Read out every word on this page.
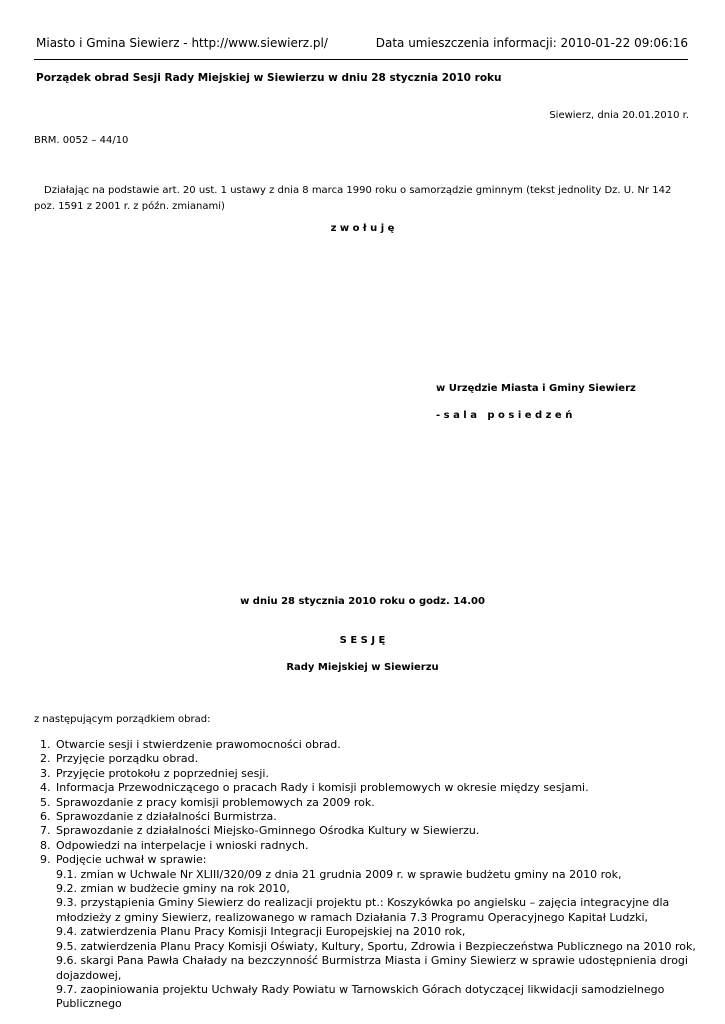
Miasto i Gmina Siewierz - http://www.siewierz.pl/	Data umieszczenia informacji: 2010-01-22 09:06:16
Porządek obrad Sesji Rady Miejskiej w Siewierzu w dniu 28 stycznia 2010 roku
Siewierz, dnia 20.01.2010 r.
BRM. 0052 – 44/10
Działając na podstawie art. 20 ust. 1 ustawy z dnia 8 marca 1990 roku o samorządzie gminnym (tekst jednolity Dz. U. Nr 142 poz. 1591 z 2001 r. z późn. zmianami)
z w o ł u j ę
w Urzędzie Miasta i Gminy Siewierz
- s a l a   p o s i e d z e ń
w dniu 28 stycznia 2010 roku o godz. 14.00
S E S J Ę
Rady Miejskiej w Siewierzu
z następującym porządkiem obrad:
1. Otwarcie sesji i stwierdzenie prawomocności obrad.
2. Przyjęcie porządku obrad.
3. Przyjęcie protokołu z poprzedniej sesji.
4. Informacja Przewodniczącego o pracach Rady i komisji problemowych w okresie między sesjami.
5. Sprawozdanie z pracy komisji problemowych za 2009 rok.
6. Sprawozdanie z działalności Burmistrza.
7. Sprawozdanie z działalności Miejsko-Gminnego Ośrodka Kultury w Siewierzu.
8. Odpowiedzi na interpelacje i wnioski radnych.
9. Podjęcie uchwał w sprawie:
9.1. zmian w Uchwale Nr XLIII/320/09 z dnia 21 grudnia 2009 r. w sprawie budżetu gminy na 2010 rok,
9.2. zmian w budżecie gminy na rok 2010,
9.3. przystąpienia Gminy Siewierz do realizacji projektu pt.: Koszykówka po angielsku – zajęcia integracyjne dla młodzieży z gminy Siewierz, realizowanego w ramach Działania 7.3 Programu Operacyjnego Kapitał Ludzki,
9.4. zatwierdzenia Planu Pracy Komisji Integracji Europejskiej na 2010 rok,
9.5. zatwierdzenia Planu Pracy Komisji Oświaty, Kultury, Sportu, Zdrowia i Bezpieczeństwa Publicznego na 2010 rok,
9.6. skargi Pana Pawła Chałady na bezczynność Burmistrza Miasta i Gminy Siewierz w sprawie udostępnienia drogi dojazdowej,
9.7. zaopiniowania projektu Uchwały Rady Powiatu w Tarnowskich Górach dotyczącej likwidacji samodzielnego Publicznego
